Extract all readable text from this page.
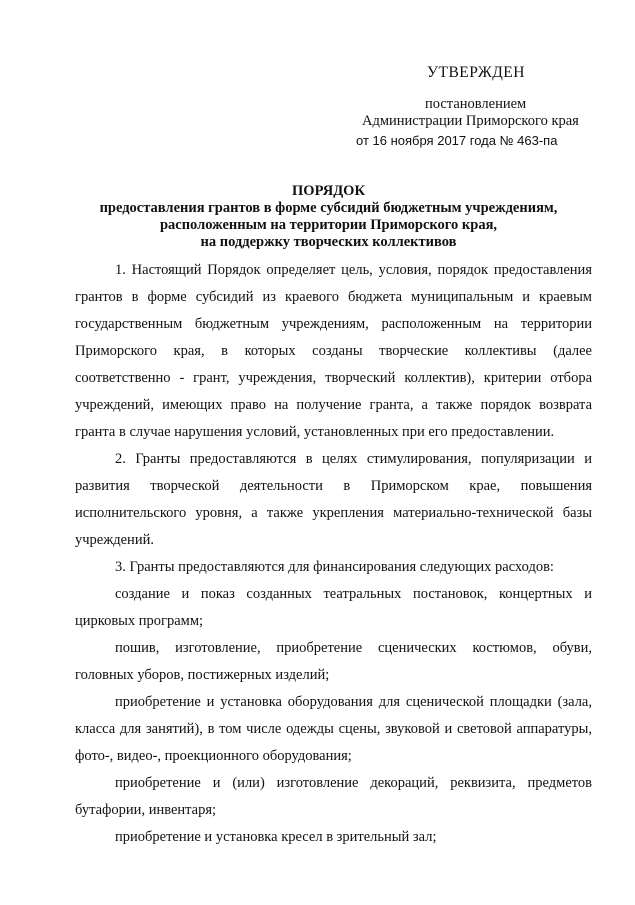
УТВЕРЖДЕН
постановлением
Администрации Приморского края
от 16 ноября 2017 года № 463-па
ПОРЯДОК
предоставления грантов в форме субсидий бюджетным учреждениям,
расположенным на территории Приморского края,
на поддержку творческих коллективов

1. Настоящий Порядок определяет цель, условия, порядок предоставления грантов в форме субсидий из краевого бюджета муниципальным и краевым государственным бюджетным учреждениям, расположенным на территории Приморского края, в которых созданы творческие коллективы (далее соответственно - грант, учреждения, творческий коллектив), критерии отбора учреждений, имеющих право на получение гранта, а также порядок возврата гранта в случае нарушения условий, установленных при его предоставлении.

2. Гранты предоставляются в целях стимулирования, популяризации и развития творческой деятельности в Приморском крае, повышения исполнительского уровня, а также укрепления материально-технической базы учреждений.

3. Гранты предоставляются для финансирования следующих расходов:

создание и показ созданных театральных постановок, концертных и цирковых программ;

пошив, изготовление, приобретение сценических костюмов, обуви, головных уборов, постижерных изделий;

приобретение и установка оборудования для сценической площадки (зала, класса для занятий), в том числе одежды сцены, звуковой и световой аппаратуры, фото-, видео-, проекционного оборудования;

приобретение и (или) изготовление декораций, реквизита, предметов бутафории, инвентаря;

приобретение и установка кресел в зрительный зал;
